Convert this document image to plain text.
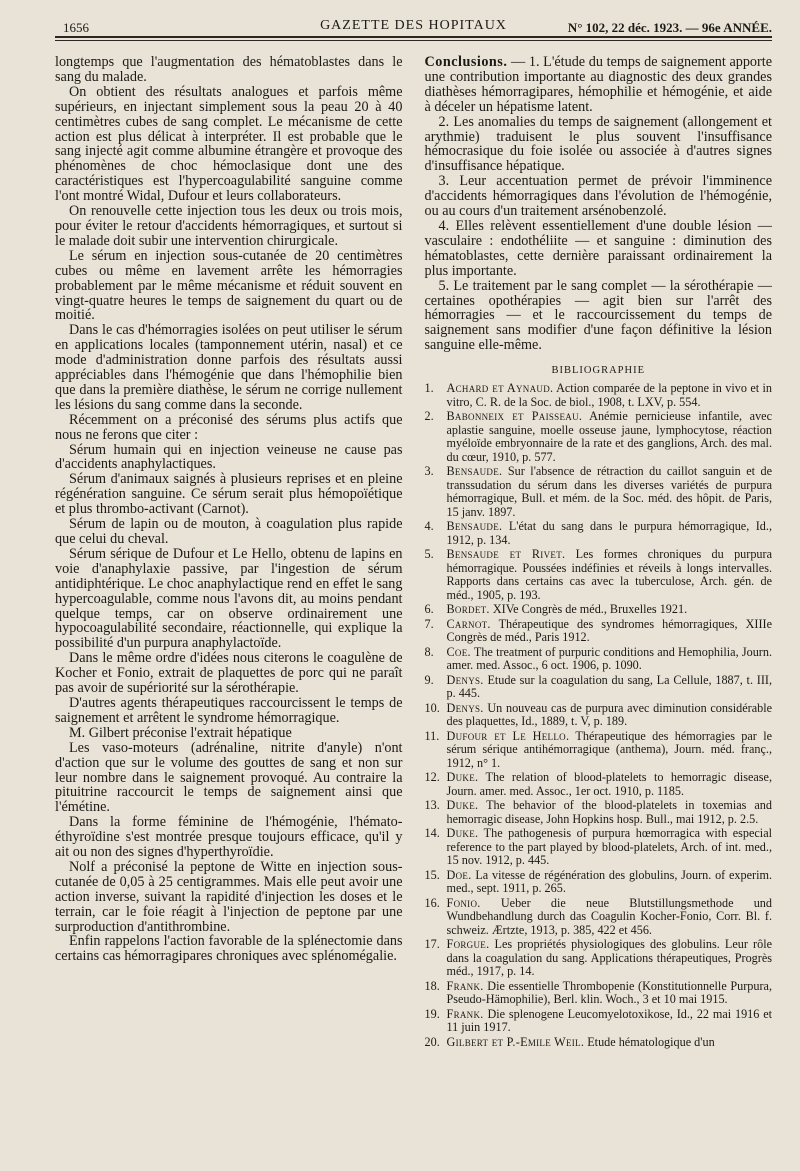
1656	GAZETTE DES HOPITAUX	N° 102, 22 déc. 1923. — 96e ANNÉE.

longtemps que l'augmentation des hématoblastes dans le sang du malade.

On obtient des résultats analogues et parfois même supérieurs, en injectant simplement sous la peau 20 à 40 centimètres cubes de sang complet. Le mécanisme de cette action est plus délicat à interpréter. Il est probable que le sang injecté agit comme albumine étrangère et provoque des phénomènes de choc hémoclasique dont une des caractéristiques est l'hypercoagulabilité sanguine comme l'ont montré Widal, Dufour et leurs collaborateurs.

On renouvelle cette injection tous les deux ou trois mois, pour éviter le retour d'accidents hémorragiques, et surtout si le malade doit subir une intervention chirurgicale.

Le sérum en injection sous-cutanée de 20 centimètres cubes ou même en lavement arrête les hémorragies probablement par le même mécanisme et réduit souvent en vingt-quatre heures le temps de saignement du quart ou de moitié.

Dans le cas d'hémorragies isolées on peut utiliser le sérum en applications locales (tamponnement utérin, nasal) et ce mode d'administration donne parfois des résultats aussi appréciables dans l'hémogénie que dans l'hémophilie bien que dans la première diathèse, le sérum ne corrige nullement les lésions du sang comme dans la seconde.

Récemment on a préconisé des sérums plus actifs que nous ne ferons que citer :

Sérum humain qui en injection veineuse ne cause pas d'accidents anaphylactiques.

Sérum d'animaux saignés à plusieurs reprises et en pleine régénération sanguine. Ce sérum serait plus hémopoïétique et plus thrombo-activant (Carnot).

Sérum de lapin ou de mouton, à coagulation plus rapide que celui du cheval.

Sérum sérique de Dufour et Le Hello, obtenu de lapins en voie d'anaphylaxie passive, par l'ingestion de sérum antidiphtérique. Le choc anaphylactique rend en effet le sang hypercoagulable, comme nous l'avons dit, au moins pendant quelque temps, car on observe ordinairement une hypocoagulabilité secondaire, réactionnelle, qui explique la possibilité d'un purpura anaphylactoïde.

Dans le même ordre d'idées nous citerons le coagulène de Kocher et Fonio, extrait de plaquettes de porc qui ne paraît pas avoir de supériorité sur la sérothérapie.

D'autres agents thérapeutiques raccourcissent le temps de saignement et arrêtent le syndrome hémorragique.

M. Gilbert préconise l'extrait hépatique

Les vaso-moteurs (adrénaline, nitrite d'anyle) n'ont d'action que sur le volume des gouttes de sang et non sur leur nombre dans le saignement provoqué. Au contraire la pituitrine raccourcit le temps de saignement ainsi que l'émétine.

Dans la forme féminine de l'hémogénie, l'hémato-éthyroïdine s'est montrée presque toujours efficace, qu'il y ait ou non des signes d'hyperthyroïdie.

Nolf a préconisé la peptone de Witte en injection sous-cutanée de 0,05 à 25 centigrammes. Mais elle peut avoir une action inverse, suivant la rapidité d'injection les doses et le terrain, car le foie réagit à l'injection de peptone par une surproduction d'antithrombine.

Enfin rappelons l'action favorable de la splénectomie dans certains cas hémorragipares chroniques avec splénomégalie.

Conclusions. — 1. L'étude du temps de saignement apporte une contribution importante au diagnostic des deux grandes diathèses hémorragipares, hémophilie et hémogénie, et aide à déceler un hépatisme latent.

2. Les anomalies du temps de saignement (allongement et arythmie) traduisent le plus souvent l'insuffisance hémocrasique du foie isolée ou associée à d'autres signes d'insuffisance hépatique.

3. Leur accentuation permet de prévoir l'imminence d'accidents hémorragiques dans l'évolution de l'hémogénie, ou au cours d'un traitement arsénobenzolé.

4. Elles relèvent essentiellement d'une double lésion — vasculaire : endothéliite — et sanguine : diminution des hématoblastes, cette dernière paraissant ordinairement la plus importante.

5. Le traitement par le sang complet — la sérothérapie — certaines opothérapies — agit bien sur l'arrêt des hémorragies — et le raccourcissement du temps de saignement sans modifier d'une façon définitive la lésion sanguine elle-même.

BIBLIOGRAPHIE
1. Achard et Aynaud. Action comparée de la peptone in vivo et in vitro, C. R. de la Soc. de biol., 1908, t. LXV, p. 554.
2. Babonneix et Paisseau. Anémie pernicieuse infantile, avec aplastie sanguine, moelle osseuse jaune, lymphocytose, réaction myéloïde embryonnaire de la rate et des ganglions, Arch. des mal. du cœur, 1910, p. 577.
3. Bensaude. Sur l'absence de rétraction du caillot sanguin et de transsudation du sérum dans les diverses variétés de purpura hémorragique, Bull. et mém. de la Soc. méd. des hôpit. de Paris, 15 janv. 1897.
4. Bensaude. L'état du sang dans le purpura hémorragique, Id., 1912, p. 134.
5. Bensaude et Rivet. Les formes chroniques du purpura hémorragique. Poussées indéfinies et réveils à longs intervalles. Rapports dans certains cas avec la tuberculose, Arch. gén. de méd., 1905, p. 193.
6. Bordet. XIVe Congrès de méd., Bruxelles 1921.
7. Carnot. Thérapeutique des syndromes hémorragiques, XIIIe Congrès de méd., Paris 1912.
8. Coe. The treatment of purpuric conditions and Hemophilia, Journ. amer. med. Assoc., 6 oct. 1906, p. 1090.
9. Denys. Etude sur la coagulation du sang, La Cellule, 1887, t. III, p. 445.
10. Denys. Un nouveau cas de purpura avec diminution considérable des plaquettes, Id., 1889, t. V, p. 189.
11. Dufour et Le Hello. Thérapeutique des hémorragies par le sérum sérique antihémorragique (anthema), Journ. méd. franç., 1912, n° 1.
12. Duke. The relation of blood-platelets to hemorragic disease, Journ. amer. med. Assoc., 1er oct. 1910, p. 1185.
13. Duke. The behavior of the blood-platelets in toxemias and hemorragic disease, John Hopkins hosp. Bull., mai 1912, p. 2.5.
14. Duke. The pathogenesis of purpura hœmorragica with especial reference to the part played by blood-platelets, Arch. of int. med., 15 nov. 1912, p. 445.
15. Doe. La vitesse de régénération des globulins, Journ. of experim. med., sept. 1911, p. 265.
16. Fonio. Ueber die neue Blutstillungsmethode und Wundbehandlung durch das Coagulin Kocher-Fonio, Corr. Bl. f. schweiz. Ærtzte, 1913, p. 385, 422 et 456.
17. Forgue. Les propriétés physiologiques des globulins. Leur rôle dans la coagulation du sang. Applications thérapeutiques, Progrès méd., 1917, p. 14.
18. Frank. Die essentielle Thrombopenie (Konstitutionnelle Purpura, Pseudo-Hämophilie), Berl. klin. Woch., 3 et 10 mai 1915.
19. Frank. Die splenogene Leucomyelotoxikose, Id., 22 mai 1916 et 11 juin 1917.
20. Gilbert et P.-Emile Weil. Etude hématologique d'un
